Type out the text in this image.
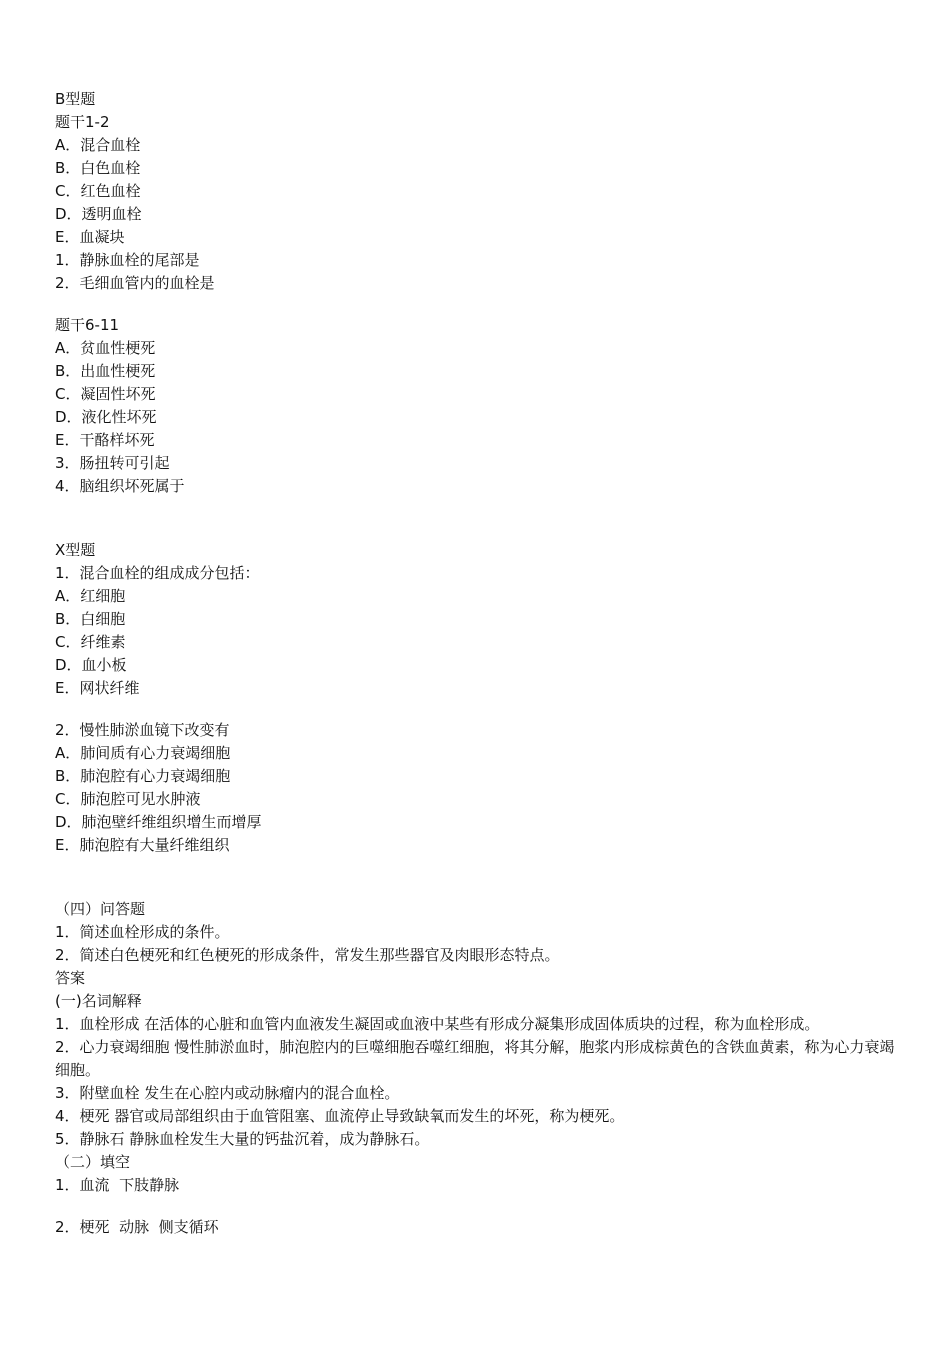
B型题

题干1-2

A．混合血栓

B．白色血栓

C．红色血栓

D．透明血栓

E．血凝块

1．静脉血栓的尾部是

2．毛细血管内的血栓是

题干6-11

A．贫血性梗死

B．出血性梗死

C．凝固性坏死

D．液化性坏死

E．干酪样坏死

3．肠扭转可引起

4．脑组织坏死属于

X型题

1．混合血栓的组成成分包括：

A．红细胞

B．白细胞

C．纤维素

D．血小板

E．网状纤维

2．慢性肺淤血镜下改变有

A．肺间质有心力衰竭细胞

B．肺泡腔有心力衰竭细胞

C．肺泡腔可见水肿液

D．肺泡壁纤维组织增生而增厚

E．肺泡腔有大量纤维组织

（四）问答题

1．简述血栓形成的条件。

2．简述白色梗死和红色梗死的形成条件，常发生那些器官及肉眼形态特点。

答案

(一)名词解释

1．血栓形成 在活体的心脏和血管内血液发生凝固或血液中某些有形成分凝集形成固体质块的过程，称为血栓形成。

2．心力衰竭细胞 慢性肺淤血时，肺泡腔内的巨噬细胞吞噬红细胞，将其分解，胞浆内形成棕黄色的含铁血黄素，称为心力衰竭细胞。

3．附壁血栓 发生在心腔内或动脉瘤内的混合血栓。

4．梗死 器官或局部组织由于血管阻塞、血流停止导致缺氧而发生的坏死，称为梗死。

5．静脉石 静脉血栓发生大量的钙盐沉着，成为静脉石。

（二）填空

1．血流  下肢静脉

2．梗死  动脉  侧支循环
